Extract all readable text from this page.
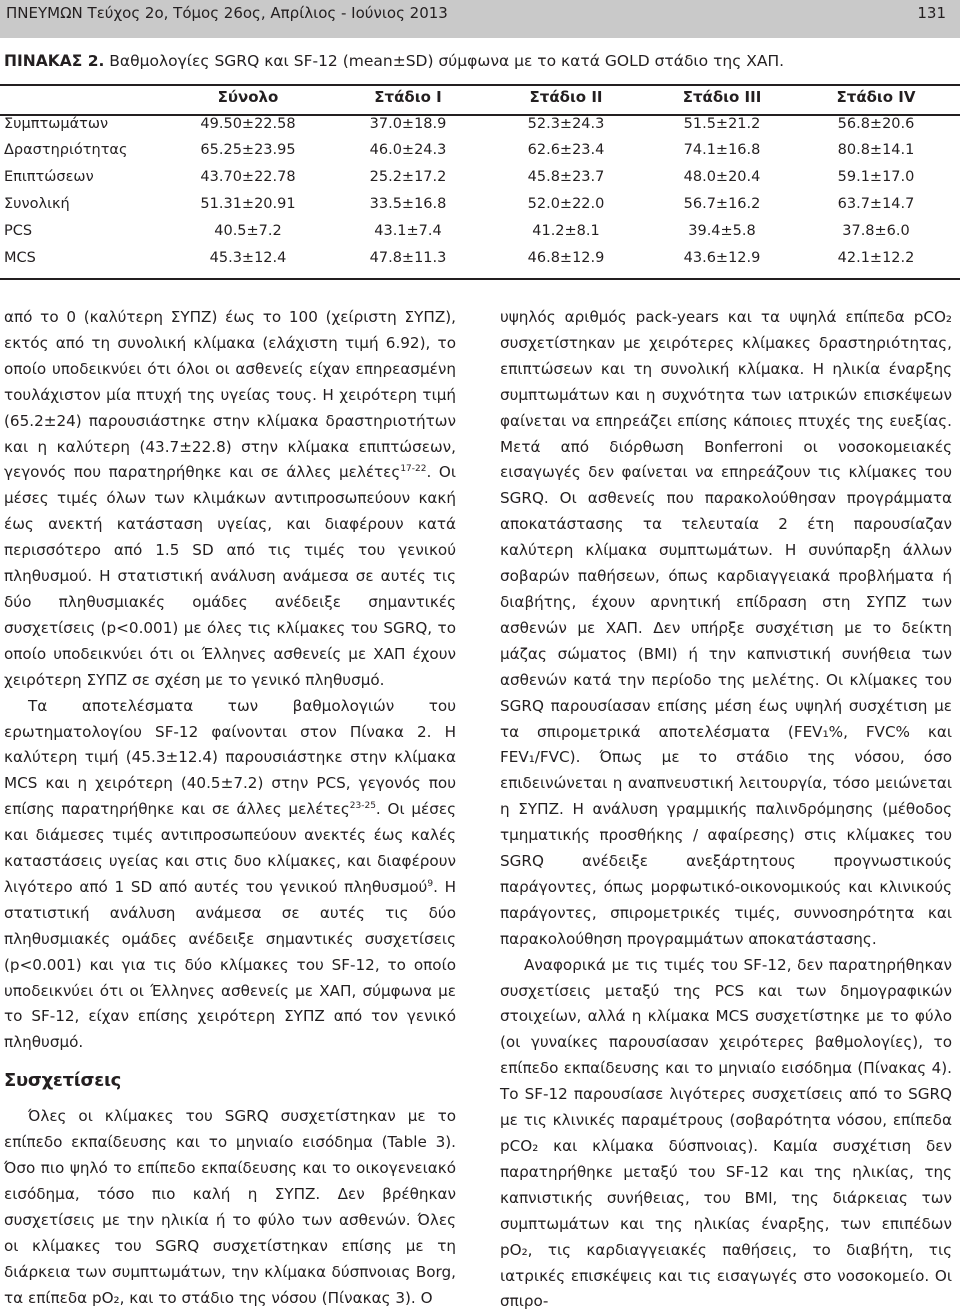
ΠΝΕΥΜΩΝ Τεύχος 2ο, Τόμος 26ος, Απρίλιος - Ιούνιος 2013	131
ΠΙΝΑΚΑΣ 2. Βαθμολογίες SGRQ και SF-12 (mean±SD) σύμφωνα με το κατά GOLD στάδιο της ΧΑΠ.
Σύνολο	Στάδιο Ι	Στάδιο ΙΙ	Στάδιο ΙΙΙ	Στάδιο IV
Συμπτωμάτων	49.50±22.58	37.0±18.9	52.3±24.3	51.5±21.2	56.8±20.6
Δραστηριότητας	65.25±23.95	46.0±24.3	62.6±23.4	74.1±16.8	80.8±14.1
Επιπτώσεων	43.70±22.78	25.2±17.2	45.8±23.7	48.0±20.4	59.1±17.0
Συνολική	51.31±20.91	33.5±16.8	52.0±22.0	56.7±16.2	63.7±14.7
PCS	40.5±7.2	43.1±7.4	41.2±8.1	39.4±5.8	37.8±6.0
MCS	45.3±12.4	47.8±11.3	46.8±12.9	43.6±12.9	42.1±12.2

από το 0 (καλύτερη ΣΥΠΖ) έως το 100 (χείριστη ΣΥΠΖ), εκτός από τη συνολική κλίμακα (ελάχιστη τιμή 6.92), το οποίο υποδεικνύει ότι όλοι οι ασθενείς είχαν επηρεασμένη τουλάχιστον μία πτυχή της υγείας τους. Η χειρότερη τιμή (65.2±24) παρουσιάστηκε στην κλίμακα δραστηριοτήτων και η καλύτερη (43.7±22.8) στην κλίμακα επιπτώσεων, γεγονός που παρατηρήθηκε και σε άλλες μελέτες$^{17-22}$. Οι μέσες τιμές όλων των κλιμάκων αντιπροσωπεύουν κακή έως ανεκτή κατάσταση υγείας, και διαφέρουν κατά περισσότερο από 1.5 SD από τις τιμές του γενικού πληθυσμού. Η στατιστική ανάλυση ανάμεσα σε αυτές τις δύο πληθυσμιακές ομάδες ανέδειξε σημαντικές συσχετίσεις (p<0.001) με όλες τις κλίμακες του SGRQ, το οποίο υποδεικνύει ότι οι Έλληνες ασθενείς με ΧΑΠ έχουν χειρότερη ΣΥΠΖ σε σχέση με το γενικό πληθυσμό.

Τα αποτελέσματα των βαθμολογιών του ερωτηματολογίου SF-12 φαίνονται στον Πίνακα 2. Η καλύτερη τιμή (45.3±12.4) παρουσιάστηκε στην κλίμακα MCS και η χειρότερη (40.5±7.2) στην PCS, γεγονός που επίσης παρατηρήθηκε και σε άλλες μελέτες$^{23-25}$. Οι μέσες και διάμεσες τιμές αντιπροσωπεύουν ανεκτές έως καλές καταστάσεις υγείας και στις δυο κλίμακες, και διαφέρουν λιγότερο από 1 SD από αυτές του γενικού πληθυσμού$^9$. Η στατιστική ανάλυση ανάμεσα σε αυτές τις δύο πληθυσμιακές ομάδες ανέδειξε σημαντικές συσχετίσεις (p<0.001) και για τις δύο κλίμακες του SF-12, το οποίο υποδεικνύει ότι οι Έλληνες ασθενείς με ΧΑΠ, σύμφωνα με το SF-12, είχαν επίσης χειρότερη ΣΥΠΖ από τον γενικό πληθυσμό.

Συσχετίσεις

Όλες οι κλίμακες του SGRQ συσχετίστηκαν με το επίπεδο εκπαίδευσης και το μηνιαίο εισόδημα (Table 3). Όσο πιο ψηλό το επίπεδο εκπαίδευσης και το οικογενειακό εισόδημα, τόσο πιο καλή η ΣΥΠΖ. Δεν βρέθηκαν συσχετίσεις με την ηλικία ή το φύλο των ασθενών. Όλες οι κλίμακες του SGRQ συσχετίστηκαν επίσης με τη διάρκεια των συμπτωμάτων, την κλίμακα δύσπνοιας Borg, τα επίπεδα pO₂, και το στάδιο της νόσου (Πίνακας 3). Ο

υψηλός αριθμός pack-years και τα υψηλά επίπεδα pCO₂ συσχετίστηκαν με χειρότερες κλίμακες δραστηριότητας, επιπτώσεων και τη συνολική κλίμακα. Η ηλικία έναρξης συμπτωμάτων και η συχνότητα των ιατρικών επισκέψεων φαίνεται να επηρεάζει επίσης κάποιες πτυχές της ευεξίας. Μετά από διόρθωση Bonferroni οι νοσοκομειακές εισαγωγές δεν φαίνεται να επηρεάζουν τις κλίμακες του SGRQ. Οι ασθενείς που παρακολούθησαν προγράμματα αποκατάστασης τα τελευταία 2 έτη παρουσίαζαν καλύτερη κλίμακα συμπτωμάτων. Η συνύπαρξη άλλων σοβαρών παθήσεων, όπως καρδιαγγειακά προβλήματα ή διαβήτης, έχουν αρνητική επίδραση στη ΣΥΠΖ των ασθενών με ΧΑΠ. Δεν υπήρξε συσχέτιση με το δείκτη μάζας σώματος (BMI) ή την καπνιστική συνήθεια των ασθενών κατά την περίοδο της μελέτης. Οι κλίμακες του SGRQ παρουσίασαν επίσης μέση έως υψηλή συσχέτιση με τα σπιρομετρικά αποτελέσματα (FEV₁%, FVC% και FEV₁/FVC). Όπως με το στάδιο της νόσου, όσο επιδεινώνεται η αναπνευστική λειτουργία, τόσο μειώνεται η ΣΥΠΖ. Η ανάλυση γραμμικής παλινδρόμησης (μέθοδος τμηματικής προσθήκης / αφαίρεσης) στις κλίμακες του SGRQ ανέδειξε ανεξάρτητους προγνωστικούς παράγοντες, όπως μορφωτικό-οικονομικούς και κλινικούς παράγοντες, σπιρομετρικές τιμές, συννοσηρότητα και παρακολούθηση προγραμμάτων αποκατάστασης.

Αναφορικά με τις τιμές του SF-12, δεν παρατηρήθηκαν συσχετίσεις μεταξύ της PCS και των δημογραφικών στοιχείων, αλλά η κλίμακα MCS συσχετίστηκε με το φύλο (οι γυναίκες παρουσίασαν χειρότερες βαθμολογίες), το επίπεδο εκπαίδευσης και το μηνιαίο εισόδημα (Πίνακας 4). Το SF-12 παρουσίασε λιγότερες συσχετίσεις από το SGRQ με τις κλινικές παραμέτρους (σοβαρότητα νόσου, επίπεδα pCO₂ και κλίμακα δύσπνοιας). Καμία συσχέτιση δεν παρατηρήθηκε μεταξύ του SF-12 και της ηλικίας, της καπνιστικής συνήθειας, του BMI, της διάρκειας των συμπτωμάτων και της ηλικίας έναρξης, των επιπέδων pO₂, τις καρδιαγγειακές παθήσεις, το διαβήτη, τις ιατρικές επισκέψεις και τις εισαγωγές στο νοσοκομείο. Οι σπιρο-
